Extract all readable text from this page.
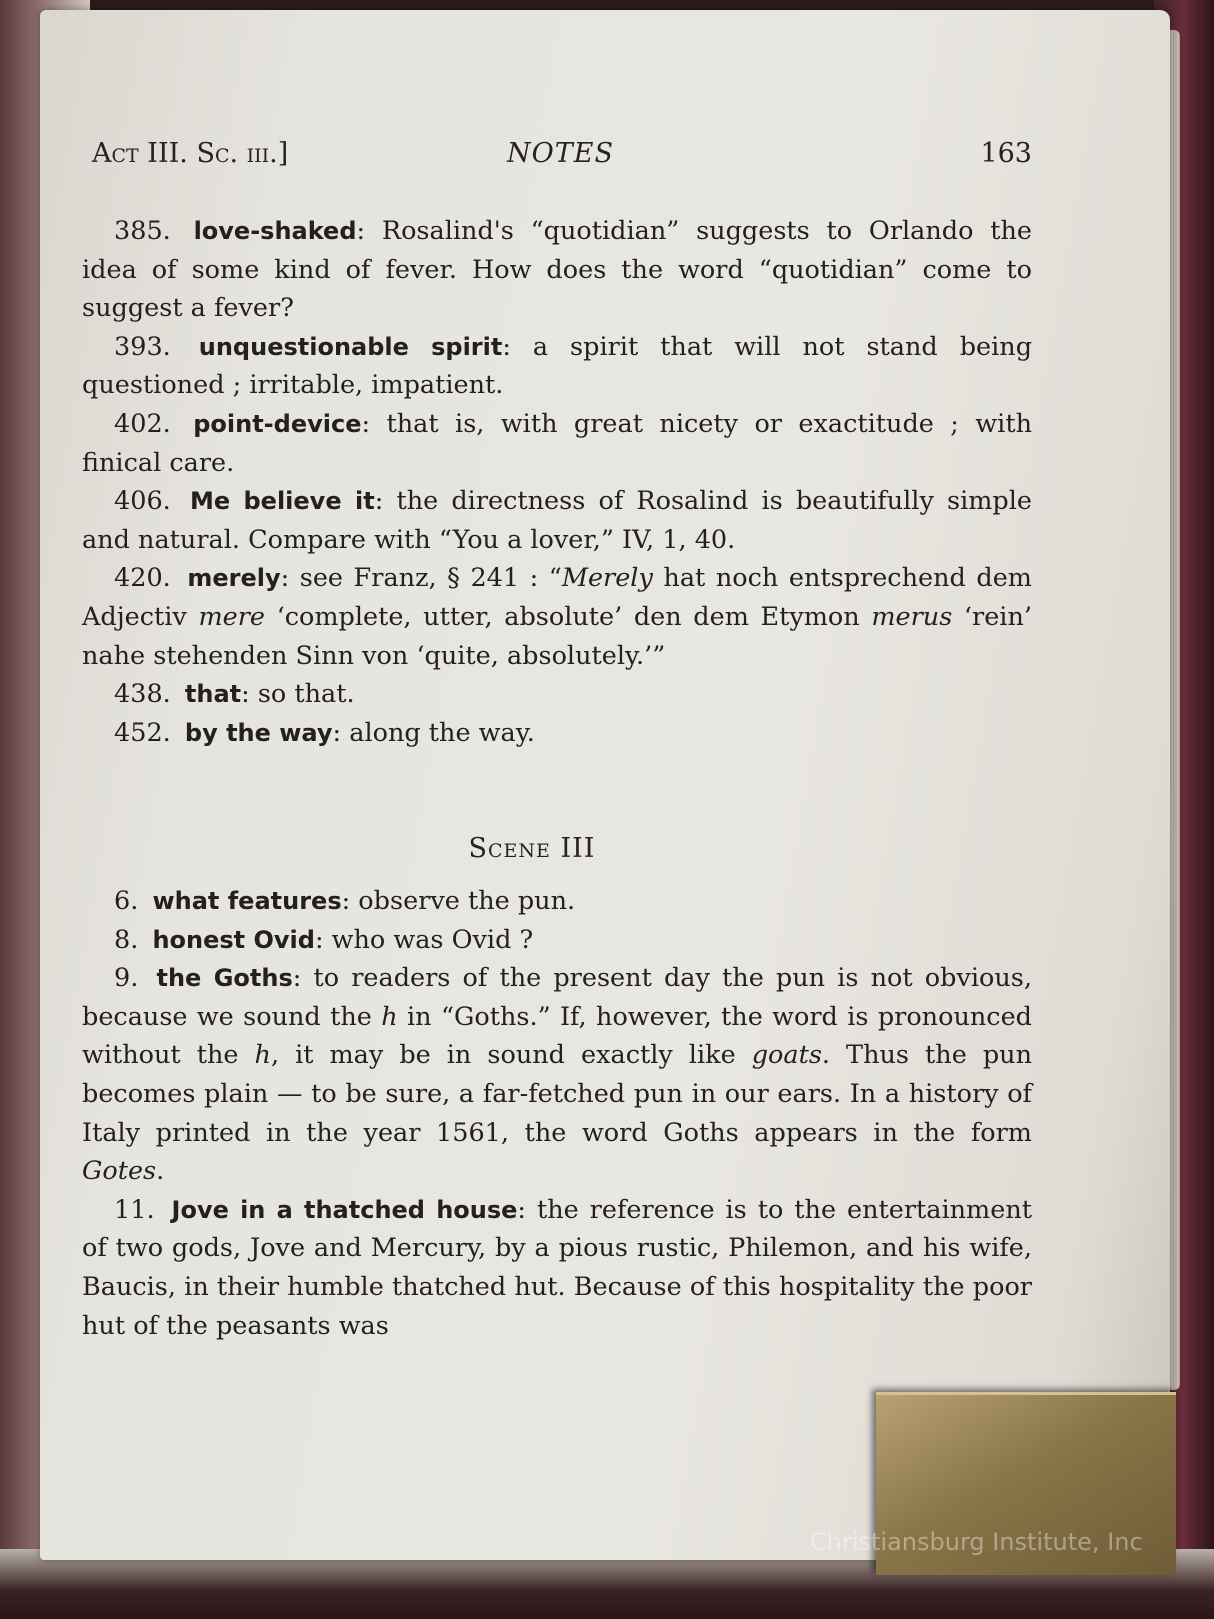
Act III. Sc. iii.]	NOTES	163

385. love-shaked: Rosalind's “quotidian” suggests to Orlando the idea of some kind of fever. How does the word “quotidian” come to suggest a fever?

393. unquestionable spirit: a spirit that will not stand being questioned ; irritable, impatient.

402. point-device: that is, with great nicety or exactitude ; with finical care.

406. Me believe it: the directness of Rosalind is beautifully simple and natural. Compare with “You a lover,” IV, 1, 40.

420. merely: see Franz, § 241 : “Merely hat noch entsprechend dem Adjectiv mere ‘complete, utter, absolute’ den dem Etymon merus ‘rein’ nahe stehenden Sinn von ‘quite, absolutely.’”

438. that: so that.

452. by the way: along the way.

Scene III

6. what features: observe the pun.

8. honest Ovid: who was Ovid ?

9. the Goths: to readers of the present day the pun is not obvious, because we sound the h in “Goths.” If, however, the word is pronounced without the h, it may be in sound exactly like goats. Thus the pun becomes plain — to be sure, a far-fetched pun in our ears. In a history of Italy printed in the year 1561, the word Goths appears in the form Gotes.

11. Jove in a thatched house: the reference is to the entertainment of two gods, Jove and Mercury, by a pious rustic, Philemon, and his wife, Baucis, in their humble thatched hut. Because of this hospitality the poor hut of the peasants was

Christiansburg Institute, Inc
